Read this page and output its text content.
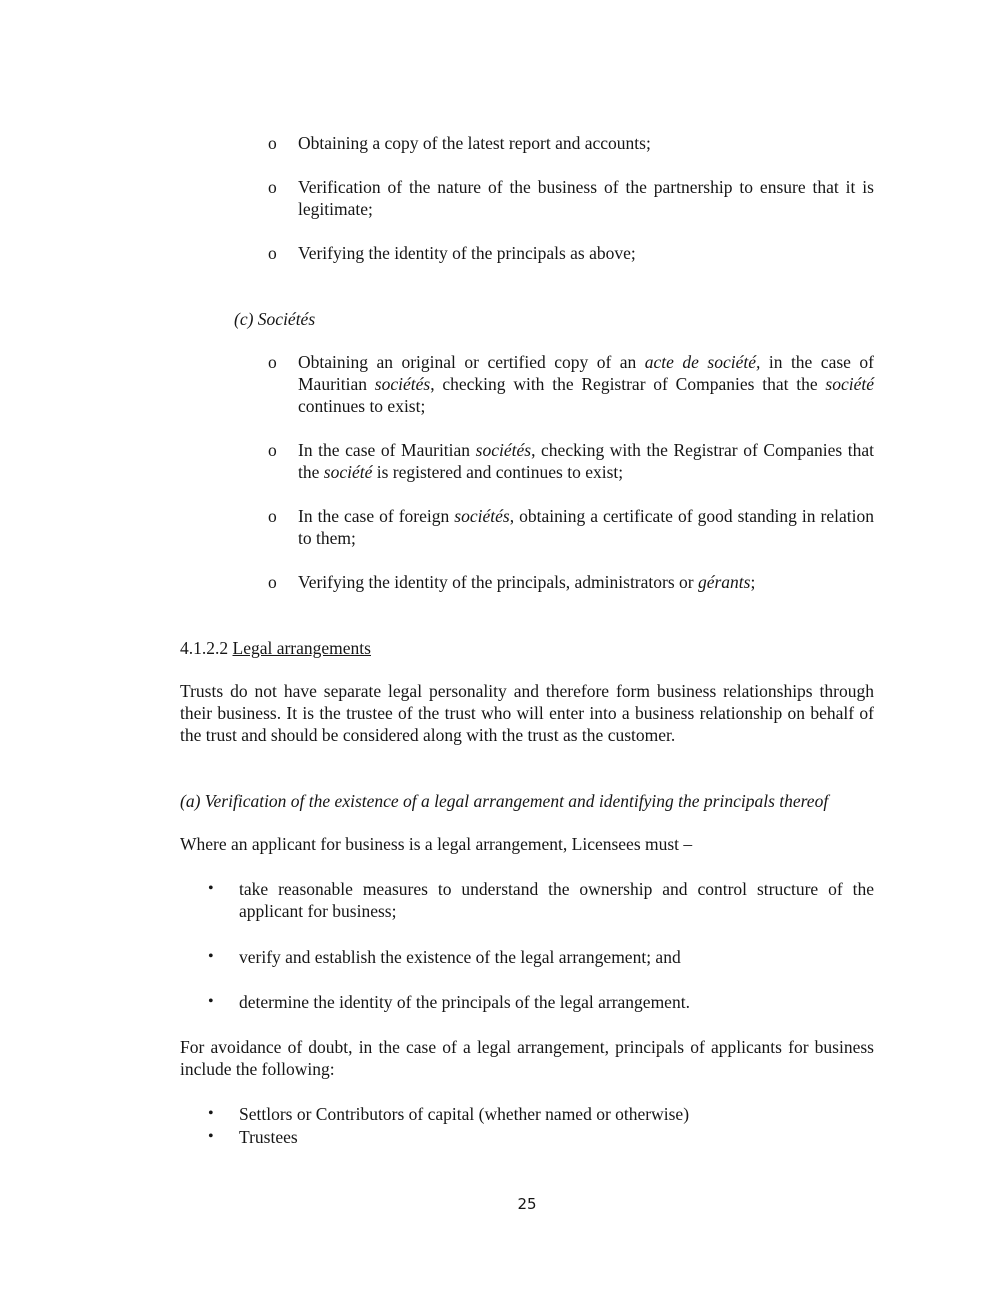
o	Obtaining a copy of the latest report and accounts;
o	Verification of the nature of the business of the partnership to ensure that it is legitimate;
o	Verifying the identity of the principals as above;
(c) Sociétés
o	Obtaining an original or certified copy of an acte de société, in the case of Mauritian sociétés, checking with the Registrar of Companies that the société continues to exist;
o	In the case of Mauritian sociétés, checking with the Registrar of Companies that the société is registered and continues to exist;
o	In the case of foreign sociétés, obtaining a certificate of good standing in relation to them;
o	Verifying the identity of the principals, administrators or gérants;
4.1.2.2 Legal arrangements
Trusts do not have separate legal personality and therefore form business relationships through their business. It is the trustee of the trust who will enter into a business relationship on behalf of the trust and should be considered along with the trust as the customer.
(a) Verification of the existence of a legal arrangement and identifying the principals thereof
Where an applicant for business is a legal arrangement, Licensees must –
• take reasonable measures to understand the ownership and control structure of the applicant for business;
• verify and establish the existence of the legal arrangement; and
• determine the identity of the principals of the legal arrangement.
For avoidance of doubt, in the case of a legal arrangement, principals of applicants for business include the following:
• Settlors or Contributors of capital (whether named or otherwise)
• Trustees
25
